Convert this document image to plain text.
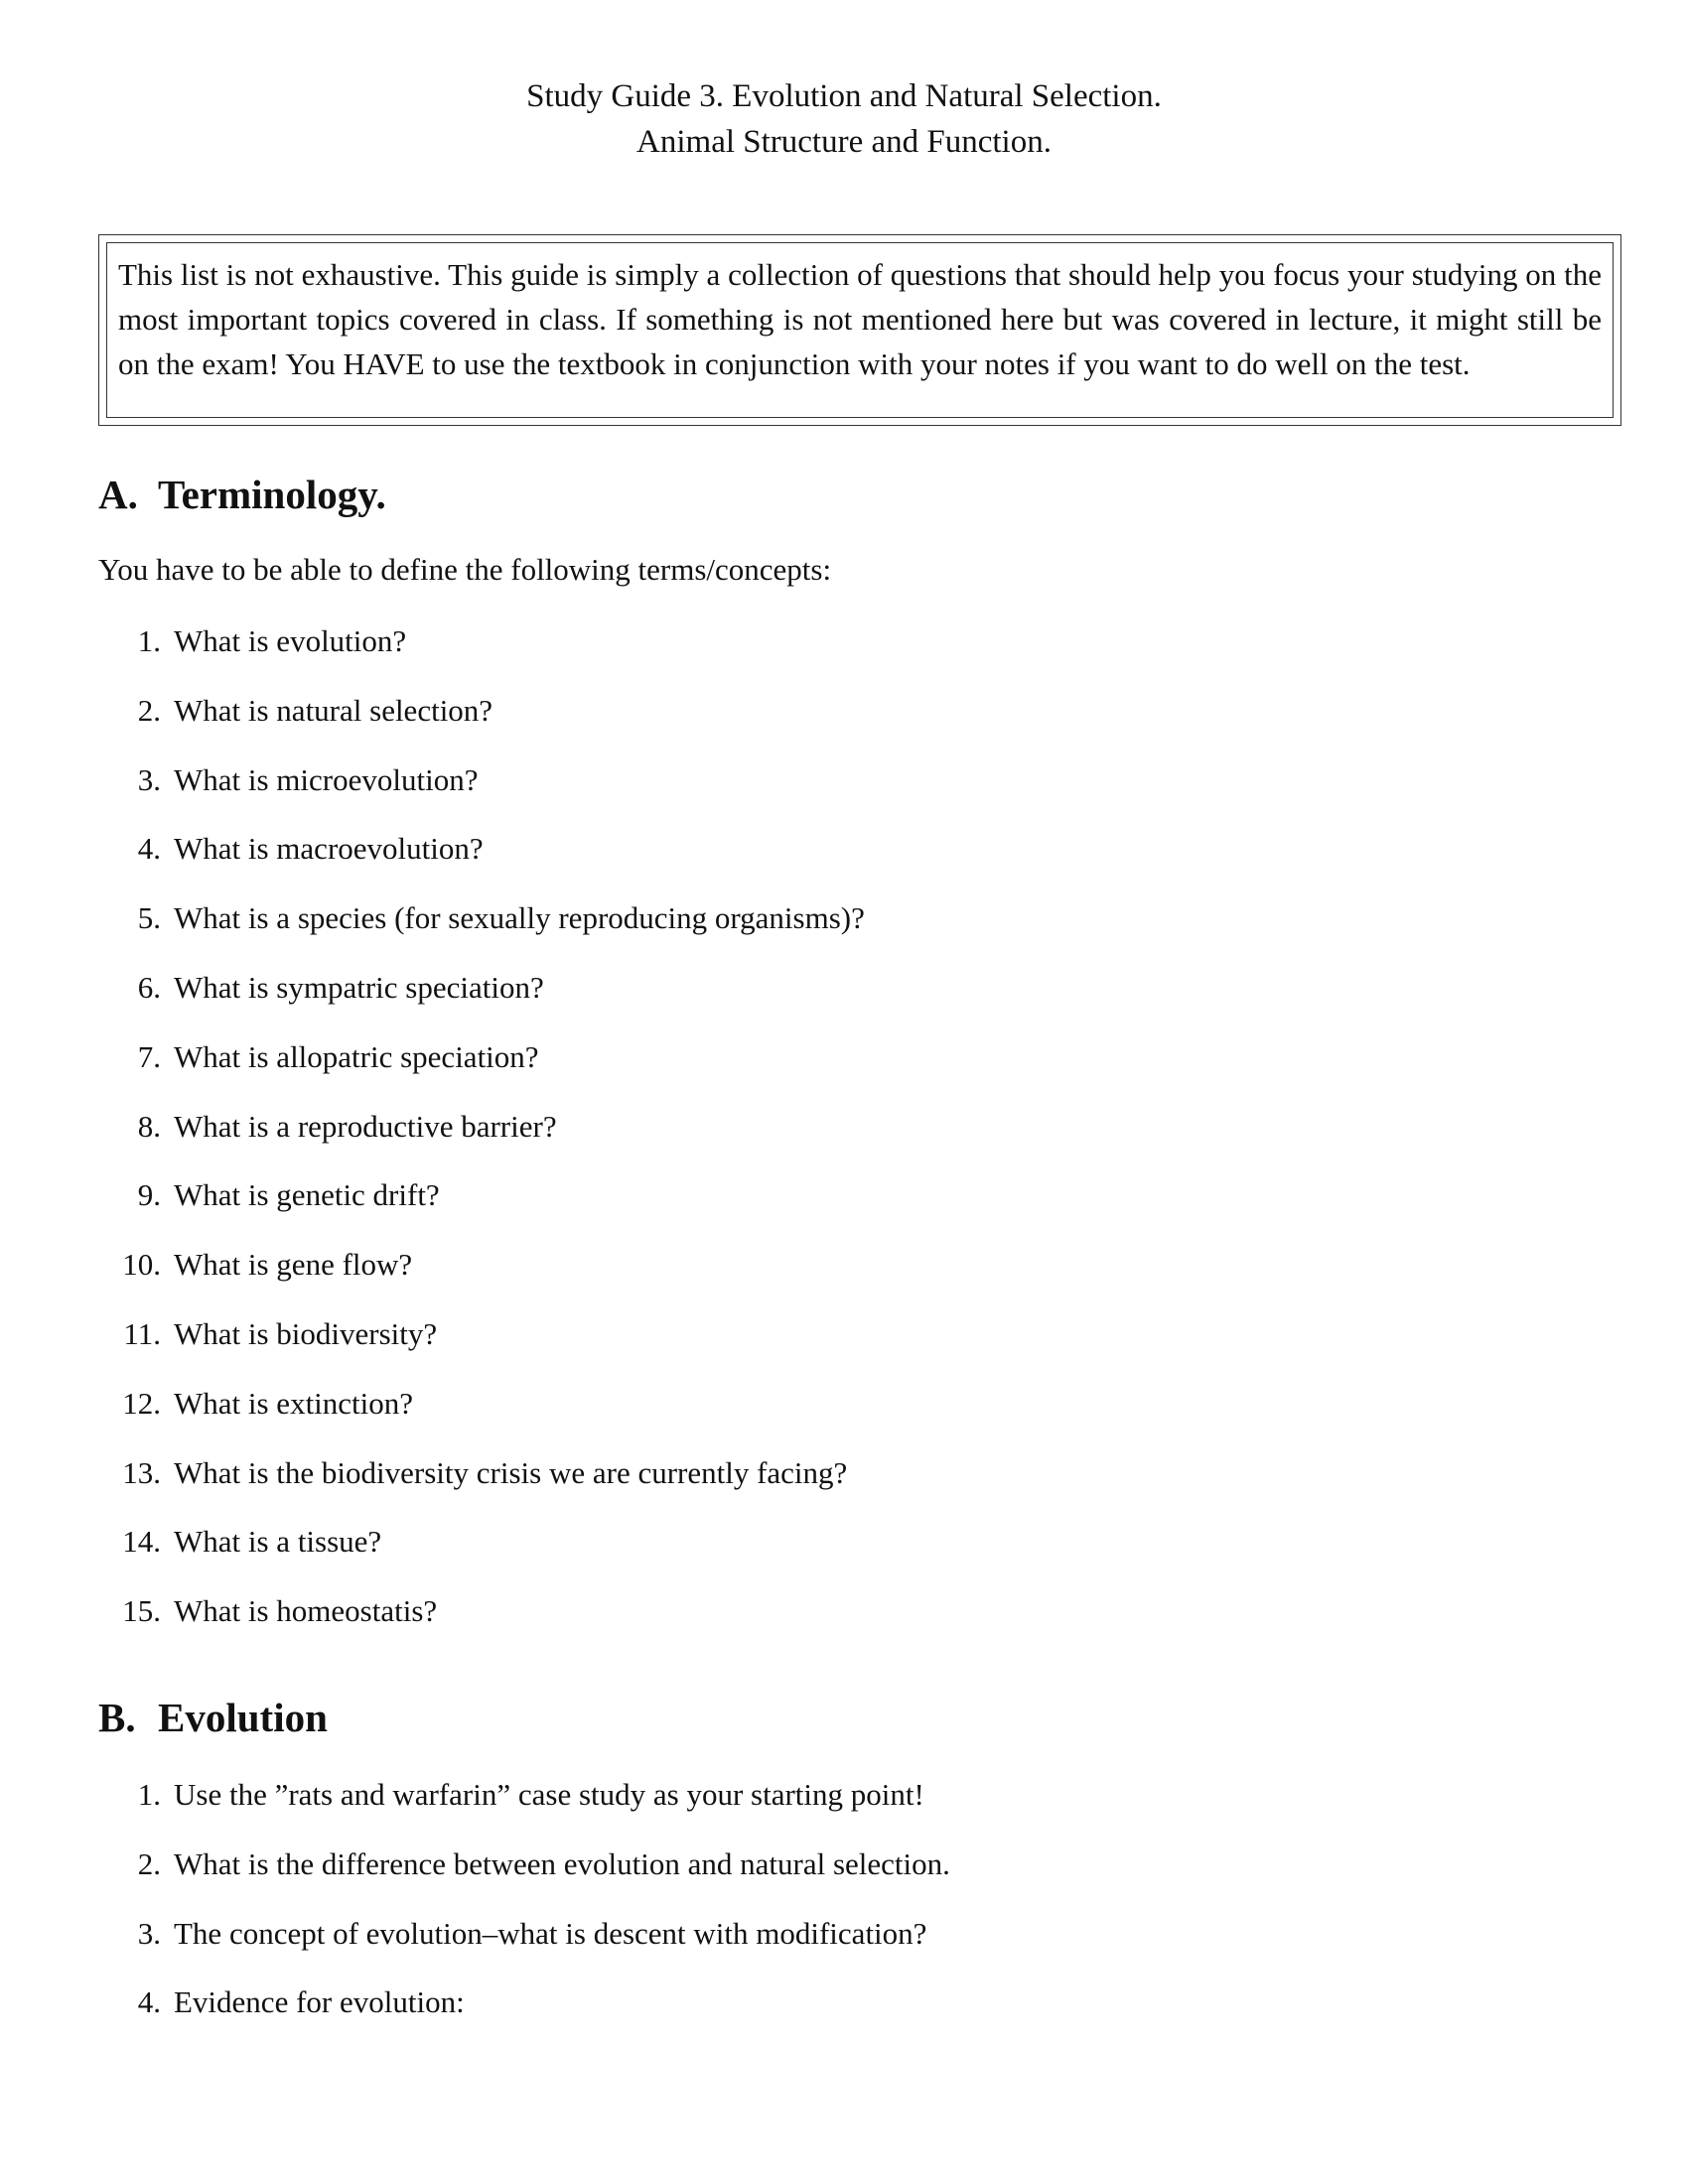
Study Guide 3. Evolution and Natural Selection.
Animal Structure and Function.
This list is not exhaustive. This guide is simply a collection of questions that should help you focus your studying on the most important topics covered in class. If something is not mentioned here but was covered in lecture, it might still be on the exam! You HAVE to use the textbook in conjunction with your notes if you want to do well on the test.
A. Terminology.
You have to be able to define the following terms/concepts:
1. What is evolution?
2. What is natural selection?
3. What is microevolution?
4. What is macroevolution?
5. What is a species (for sexually reproducing organisms)?
6. What is sympatric speciation?
7. What is allopatric speciation?
8. What is a reproductive barrier?
9. What is genetic drift?
10. What is gene flow?
11. What is biodiversity?
12. What is extinction?
13. What is the biodiversity crisis we are currently facing?
14. What is a tissue?
15. What is homeostatis?
B. Evolution
1. Use the ”rats and warfarin” case study as your starting point!
2. What is the difference between evolution and natural selection.
3. The concept of evolution–what is descent with modification?
4. Evidence for evolution:
